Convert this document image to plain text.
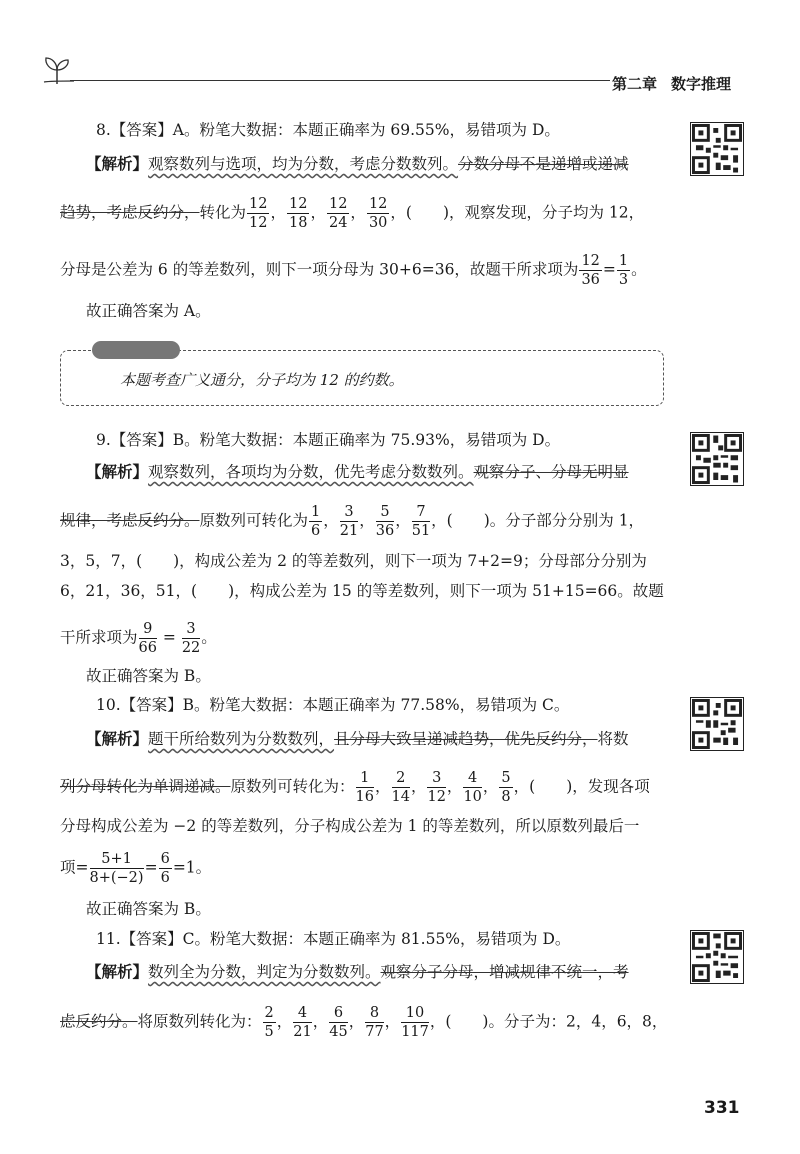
第二章 数字推理
8.【答案】A。粉笔大数据：本题正确率为 69.55%，易错项为 D。
【解析】观察数列与选项，均为分数，考虑分数数列。分数分母不是递增或递减
趋势，考虑反约分，转化为 $\frac{12}{12}$ ， $\frac{12}{18}$ ， $\frac{12}{24}$ ， $\frac{12}{30}$ ，(　　)，观察发现，分子均为 12，
分母是公差为 6 的等差数列，则下一项分母为 30+6=36，故题干所求项为 $\frac{12}{36} = \frac{1}{3}$ 。
故正确答案为 A。
本题考查广义通分，分子均为 12 的约数。
9.【答案】B。粉笔大数据：本题正确率为 75.93%，易错项为 D。
【解析】观察数列，各项均为分数，优先考虑分数数列。观察分子、分母无明显
规律，考虑反约分。原数列可转化为 $\frac{1}{6}$ ， $\frac{3}{21}$ ， $\frac{5}{36}$ ， $\frac{7}{51}$ ，(　　)。分子部分分别为 1，
3，5，7，(　　)，构成公差为 2 的等差数列，则下一项为 7+2=9；分母部分分别为
6，21，36，51，(　　)，构成公差为 15 的等差数列，则下一项为 51+15=66。故题
干所求项为 $\frac{9}{66} = \frac{3}{22}$ 。
故正确答案为 B。
10.【答案】B。粉笔大数据：本题正确率为 77.58%，易错项为 C。
【解析】题干所给数列为分数数列，且分母大致呈递减趋势，优先反约分，将数
列分母转化为单调递减。原数列可转化为： $\frac{1}{16}$ ， $\frac{2}{14}$ ， $\frac{3}{12}$ ， $\frac{4}{10}$ ， $\frac{5}{8}$ ，(　　)，发现各项
分母构成公差为 −2 的等差数列，分子构成公差为 1 的等差数列，所以原数列最后一
项= $\frac{5+1}{8+(-2)} = \frac{6}{6} =1$。
故正确答案为 B。
11.【答案】C。粉笔大数据：本题正确率为 81.55%，易错项为 D。
【解析】数列全为分数，判定为分数数列。观察分子分母，增减规律不统一，考
虑反约分。将原数列转化为： $\frac{2}{5}$ ， $\frac{4}{21}$ ， $\frac{6}{45}$ ， $\frac{8}{77}$ ， $\frac{10}{117}$ ，(　　)。分子为：2，4，6，8，
331
